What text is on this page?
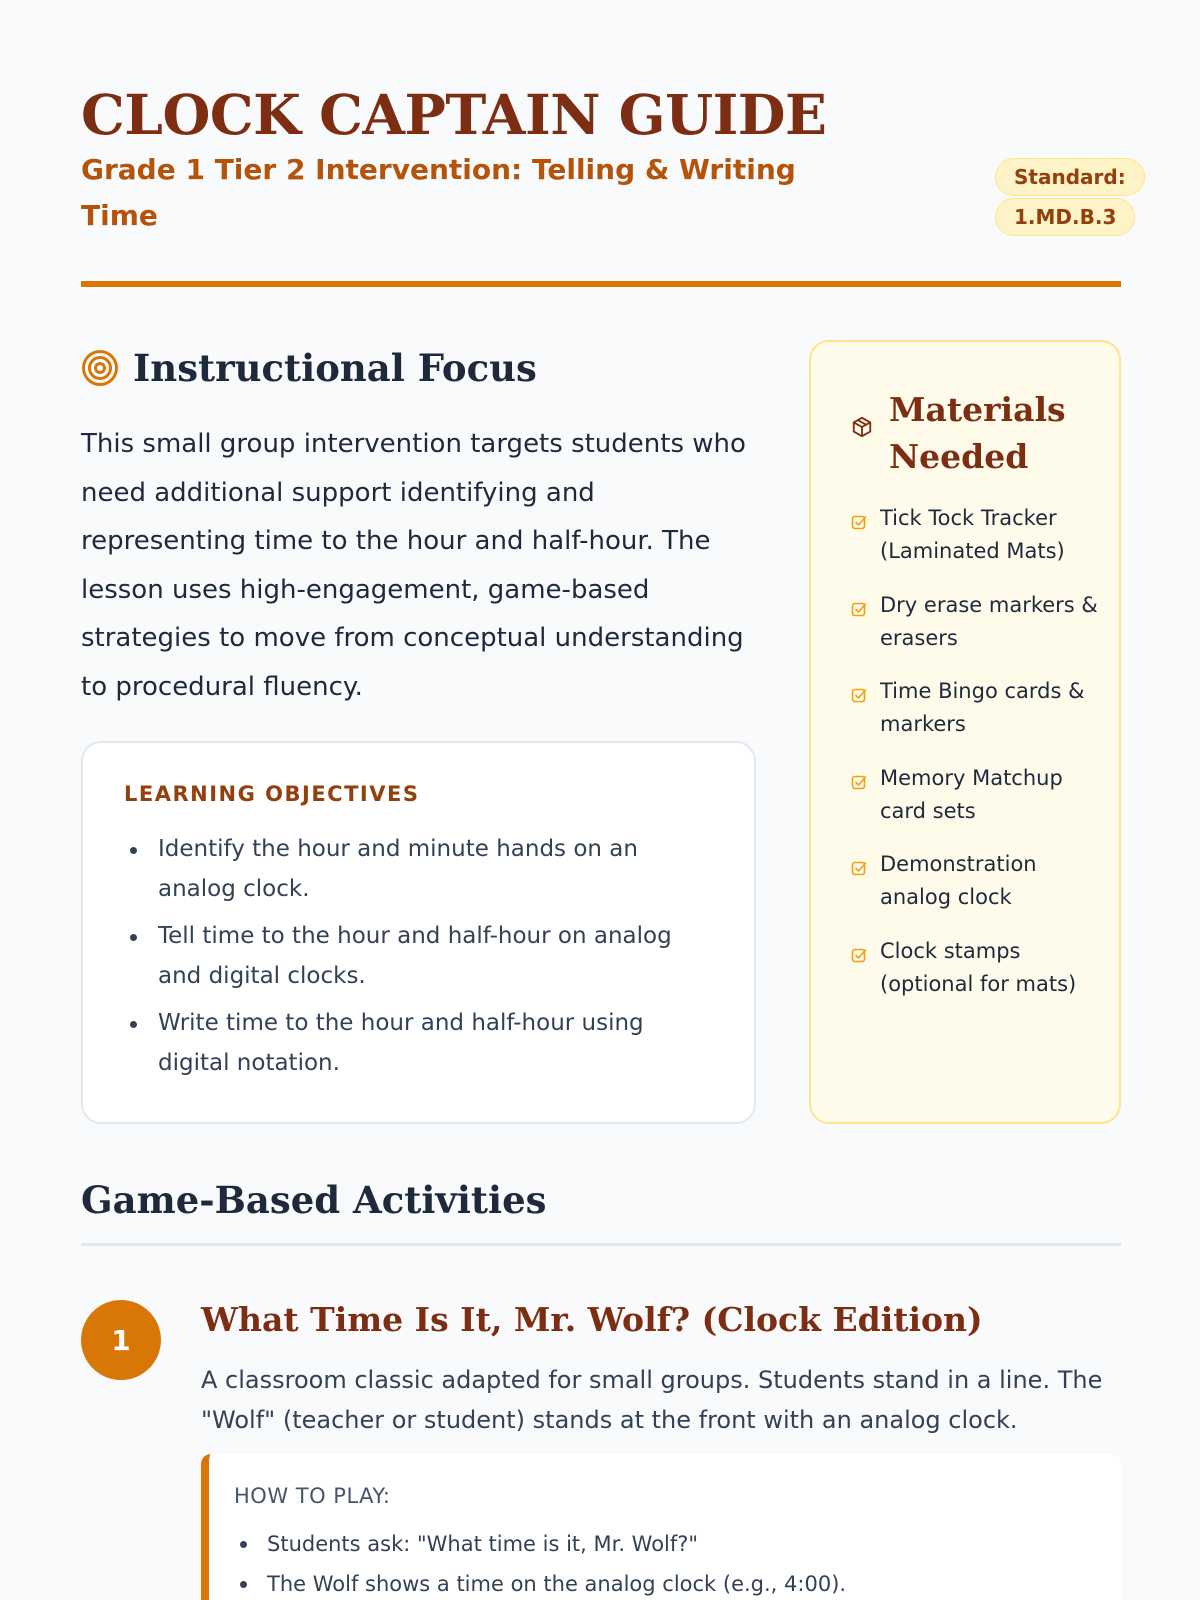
CLOCK CAPTAIN GUIDE
Grade 1 Tier 2 Intervention: Telling & Writing Time
Standard: 1.MD.B.3
Instructional Focus

This small group intervention targets students who need additional support identifying and representing time to the hour and half-hour. The lesson uses high-engagement, game-based strategies to move from conceptual understanding to procedural fluency.

LEARNING OBJECTIVES
Identify the hour and minute hands on an analog clock.
Tell time to the hour and half-hour on analog and digital clocks.
Write time to the hour and half-hour using digital notation.
Materials Needed
Tick Tock Tracker (Laminated Mats)
Dry erase markers & erasers
Time Bingo cards & markers
Memory Matchup card sets
Demonstration analog clock
Clock stamps (optional for mats)
Game-Based Activities
1
What Time Is It, Mr. Wolf? (Clock Edition)

A classroom classic adapted for small groups. Students stand in a line. The "Wolf" (teacher or student) stands at the front with an analog clock.

HOW TO PLAY:
Students ask: "What time is it, Mr. Wolf?"
The Wolf shows a time on the analog clock (e.g., 4:00).
